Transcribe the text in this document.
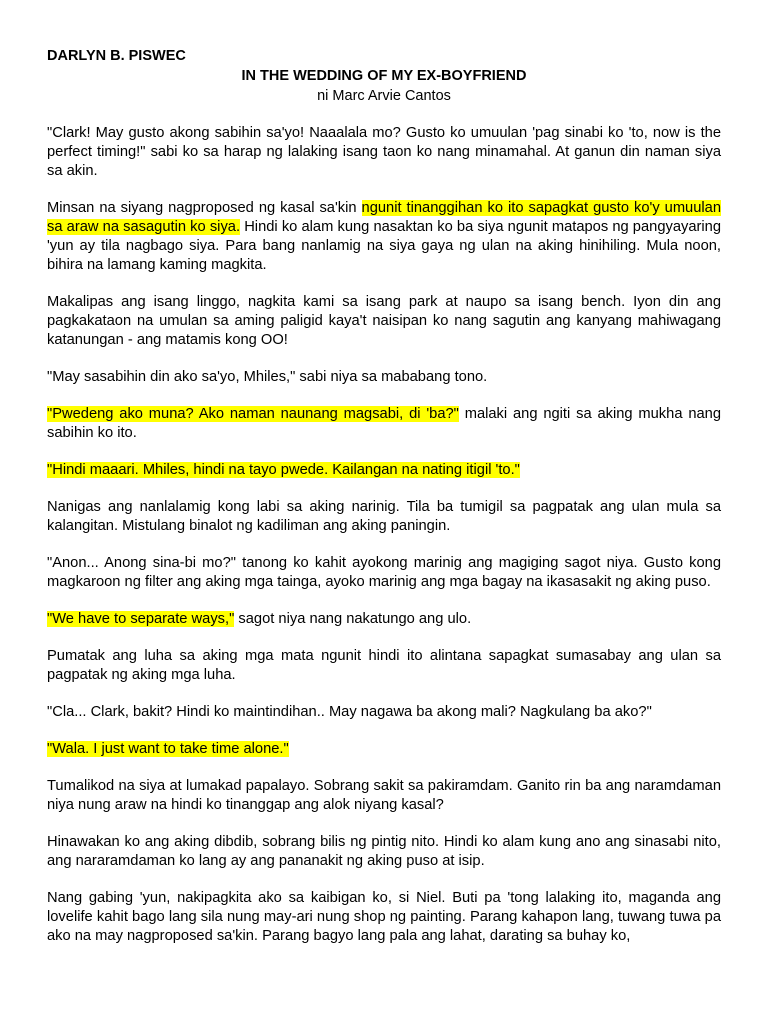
DARLYN B. PISWEC

IN THE WEDDING OF MY EX-BOYFRIEND

ni Marc Arvie Cantos

"Clark! May gusto akong sabihin sa'yo! Naaalala mo? Gusto ko umuulan 'pag sinabi ko 'to, now is the perfect timing!" sabi ko sa harap ng lalaking isang taon ko nang minamahal. At ganun din naman siya sa akin.

Minsan na siyang nagproposed ng kasal sa'kin ngunit tinanggihan ko ito sapagkat gusto ko'y umuulan sa araw na sasagutin ko siya. Hindi ko alam kung nasaktan ko ba siya ngunit matapos ng pangyayaring 'yun ay tila nagbago siya. Para bang nanlamig na siya gaya ng ulan na aking hinihiling. Mula noon, bihira na lamang kaming magkita.

Makalipas ang isang linggo, nagkita kami sa isang park at naupo sa isang bench. Iyon din ang pagkakataon na umulan sa aming paligid kaya't naisipan ko nang sagutin ang kanyang mahiwagang katanungan - ang matamis kong OO!

"May sasabihin din ako sa'yo, Mhiles," sabi niya sa mababang tono.

"Pwedeng ako muna? Ako naman naunang magsabi, di 'ba?" malaki ang ngiti sa aking mukha nang sabihin ko ito.

"Hindi maaari. Mhiles, hindi na tayo pwede. Kailangan na nating itigil 'to."

Nanigas ang nanlalamig kong labi sa aking narinig. Tila ba tumigil sa pagpatak ang ulan mula sa kalangitan. Mistulang binalot ng kadiliman ang aking paningin.

"Anon... Anong sina-bi mo?" tanong ko kahit ayokong marinig ang magiging sagot niya. Gusto kong magkaroon ng filter ang aking mga tainga, ayoko marinig ang mga bagay na ikasasakit ng aking puso.

"We have to separate ways," sagot niya nang nakatungo ang ulo.

Pumatak ang luha sa aking mga mata ngunit hindi ito alintana sapagkat sumasabay ang ulan sa pagpatak ng aking mga luha.

"Cla... Clark, bakit? Hindi ko maintindihan.. May nagawa ba akong mali? Nagkulang ba ako?"

"Wala. I just want to take time alone."

Tumalikod na siya at lumakad papalayo. Sobrang sakit sa pakiramdam. Ganito rin ba ang naramdaman niya nung araw na hindi ko tinanggap ang alok niyang kasal?

Hinawakan ko ang aking dibdib, sobrang bilis ng pintig nito. Hindi ko alam kung ano ang sinasabi nito, ang nararamdaman ko lang ay ang pananakit ng aking puso at isip.

Nang gabing 'yun, nakipagkita ako sa kaibigan ko, si Niel. Buti pa 'tong lalaking ito, maganda ang lovelife kahit bago lang sila nung may-ari nung shop ng painting. Parang kahapon lang, tuwang tuwa pa ako na may nagproposed sa'kin. Parang bagyo lang pala ang lahat, darating sa buhay ko,
